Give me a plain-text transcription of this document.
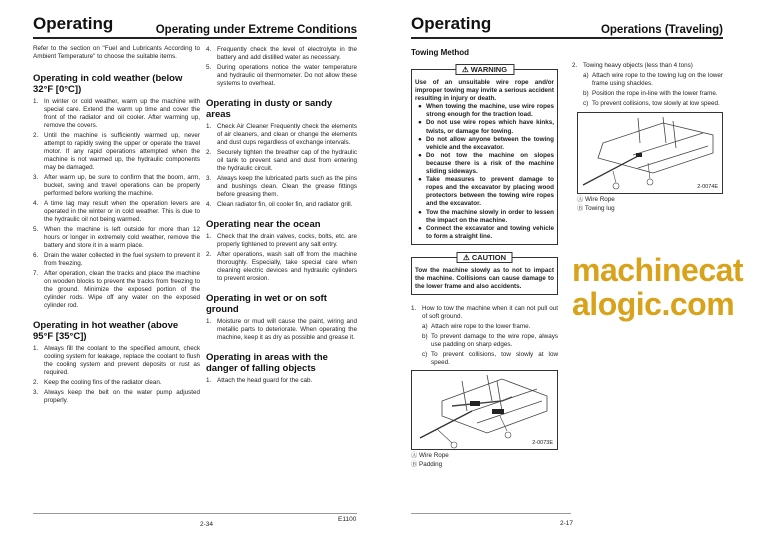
Operating	Operating under Extreme Conditions

Refer to the section on "Fuel and Lubricants According to Ambient Temperature" to choose the suitable items.

Operating in cold weather (below 32°F [0°C])
1. In winter or cold weather, warm up the machine with special care. Extend the warm up time and cover the front of the radiator and oil cooler. After warming up, remove the covers.
2. Until the machine is sufficiently warmed up, never attempt to rapidly swing the upper or operate the travel motor. If any rapid operations attempted when the machine is not warmed up, the hydraulic components may be damaged.
3. After warm up, be sure to confirm that the boom, arm, bucket, swing and travel operations can be properly performed before working the machine.
4. A time lag may result when the operation levers are operated in the winter or in cold weather. This is due to the hydraulic oil not being warmed.
5. When the machine is left outside for more than 12 hours or longer in extremely cold weather, remove the battery and store it in a warm place.
6. Drain the water collected in the fuel system to prevent it from freezing.
7. After operation, clean the tracks and place the machine on wooden blocks to prevent the tracks from freezing to the ground. Minimize the exposed portion of the cylinder rods. Wipe off any water on the exposed cylinder rod.
Operating in hot weather (above 95°F [35°C])
1. Always fill the coolant to the specified amount, check cooling system for leakage, replace the coolant to flush the cooling system and prevent deposits or rust as required.
2. Keep the cooling fins of the radiator clean.
3. Always keep the belt on the water pump adjusted properly.
4. Frequently check the level of electrolyte in the battery and add distilled water as necessary.
5. During operations notice the water temperature and hydraulic oil thermometer. Do not allow these systems to overheat.
Operating in dusty or sandy areas
1. Check Air Cleaner Frequently check the elements of air cleaners, and clean or change the elements and dust cups regardless of exchange intervals.
2. Securely tighten the breather cap of the hydraulic oil tank to prevent sand and dust from entering the hydraulic circuit.
3. Always keep the lubricated parts such as the pins and bushings clean. Clean the grease fittings before greasing them.
4. Clean radiator fin, oil cooler fin, and radiator grill.
Operating near the ocean
1. Check that the drain valves, cocks, bolts, etc. are properly tightened to prevent any salt entry.
2. After operations, wash salt off from the machine thoroughly. Especially, take special care when cleaning electric devices and hydraulic cylinders to prevent erosion.
Operating in wet or on soft ground
1. Moisture or mud will cause the paint, wiring and metallic parts to deteriorate. When operating the machine, keep it as dry as possible and grease it.
Operating in areas with the danger of falling objects
1. Attach the head guard for the cab.
2-34
E1100
Operating	Operations (Traveling)
Towing Method
⚠ WARNING

Use of an unsuitable wire rope and/or improper towing may invite a serious accident resulting in injury or death.

● When towing the machine, use wire ropes strong enough for the traction load.
● Do not use wire ropes which have kinks, twists, or damage for towing.
● Do not allow anyone between the towing vehicle and the excavator.
● Do not tow the machine on slopes because there is a risk of the machine sliding sideways.
● Take measures to prevent damage to ropes and the excavator by placing wood protectors between the towing wire ropes and the excavator.
● Tow the machine slowly in order to lessen the impact on the machine.
● Connect the excavator and towing vehicle to form a straight line.
⚠ CAUTION

Tow the machine slowly as to not to impact the machine. Collisions can cause damage to the lower frame and also accidents.

1. How to tow the machine when it can not pull out of soft ground.
a) Attach wire rope to the lower frame.
b) To prevent damage to the wire rope, always use padding on sharp edges.
c) To prevent collisions, tow slowly at low speed.
2-0073E
Ⓐ Wire Rope
Ⓑ Padding
2. Towing heavy objects (less than 4 tons)
a) Attach wire rope to the towing lug on the lower frame using shackles.
b) Position the rope in-line with the lower frame.
c) To prevent collisions, tow slowly at low speed.
2-0074E
Ⓐ Wire Rope
Ⓑ Towing lug
machinecatalogic.com
2-17
